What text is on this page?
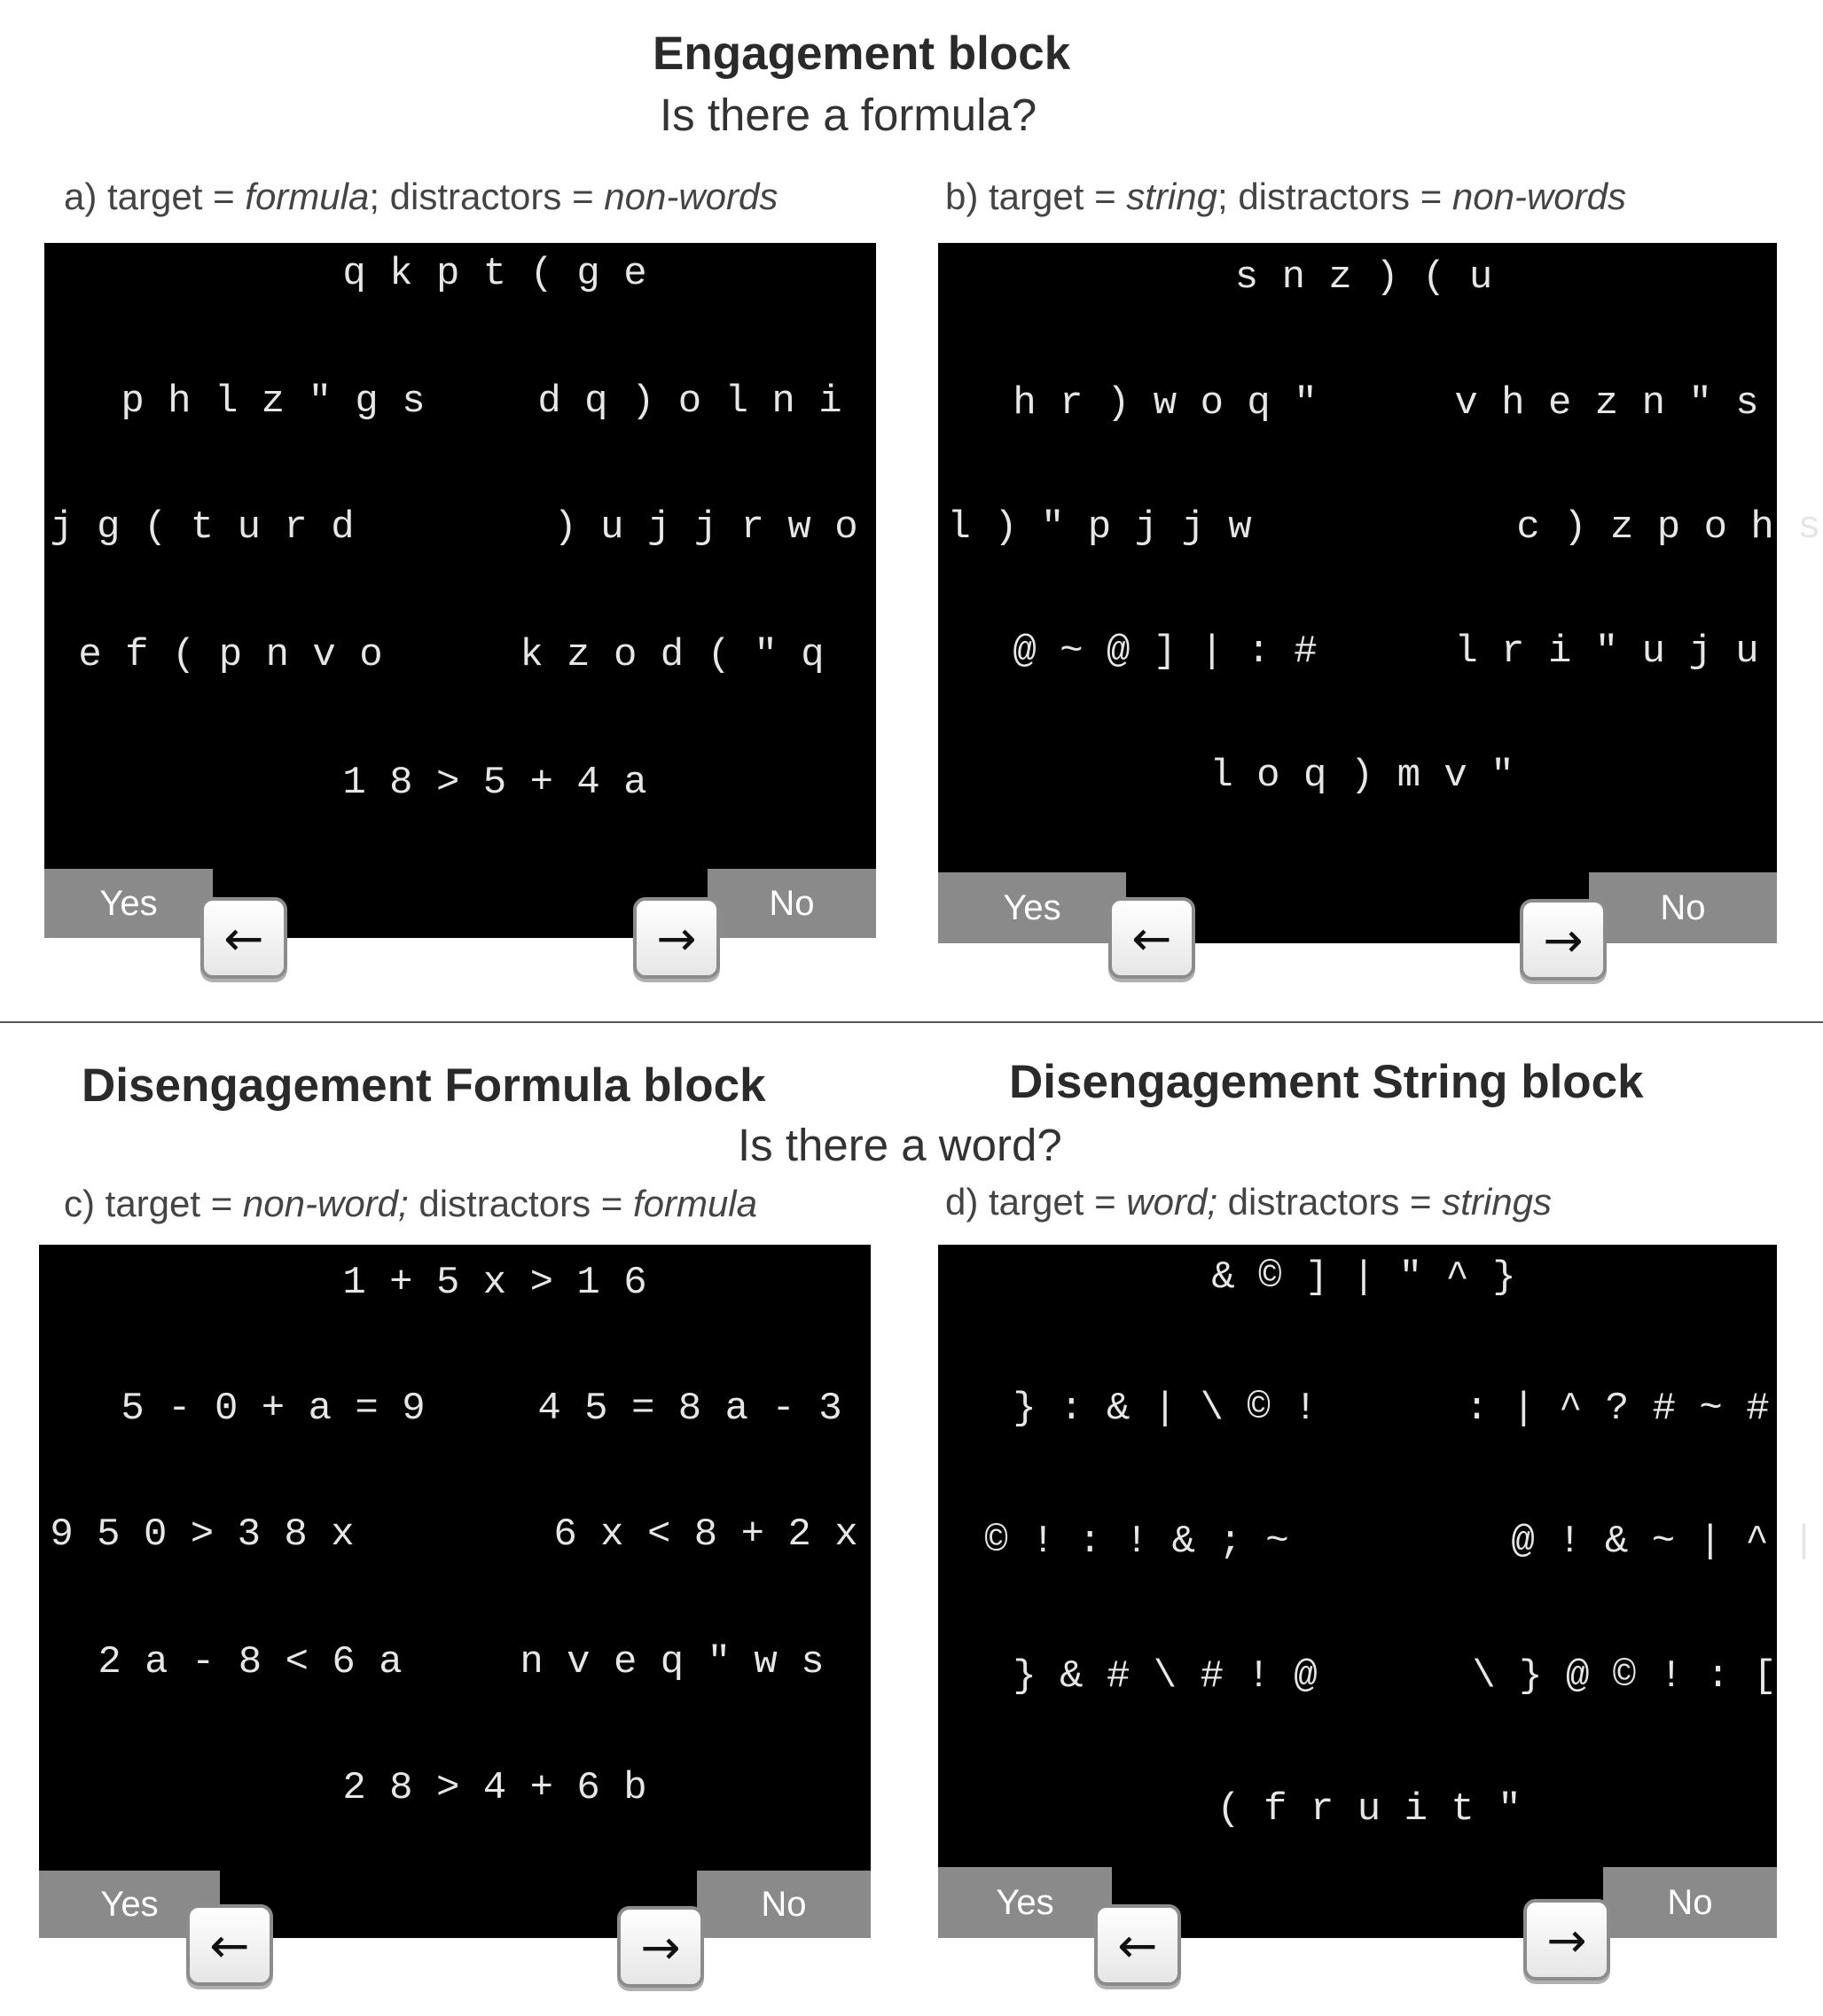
Engagement block
Is there a formula?
a) target = formula; distractors = non-words	b) target = string; distractors = non-words
q k p t ( g e
p h l z " g s	d q ) o l n i
j g ( t u r d	) u j j r w o
e f ( p n v o	k z o d ( " q
1 8 > 5 + 4 a
Yes	No
←	→
s n z ) ( u
h r ) w o q "	v h e z n " s
l ) " p j j w	c ) z p o h s
@ ~ @ ] | : #	l r i " u j u
l o q ) m v "
Yes	No
←	→
Disengagement Formula block	Disengagement String block
Is there a word?
c) target = non-word; distractors = formula	d) target = word; distractors = strings
1 + 5 x > 1 6
5 - 0 + a = 9	4 5 = 8 a - 3
9 5 0 > 3 8 x	6 x < 8 + 2 x
2 a - 8 < 6 a	n v e q " w s
2 8 > 4 + 6 b
Yes	No
←	→
& © ] | " ^ }
} : & | \ © !	: | ^ ? # ~ #
© ! : ! & ; ~	@ ! & ~ | ^ |
} & # \ # ! @	\ } @ © ! : [
( f r u i t "
Yes	No
←	→
